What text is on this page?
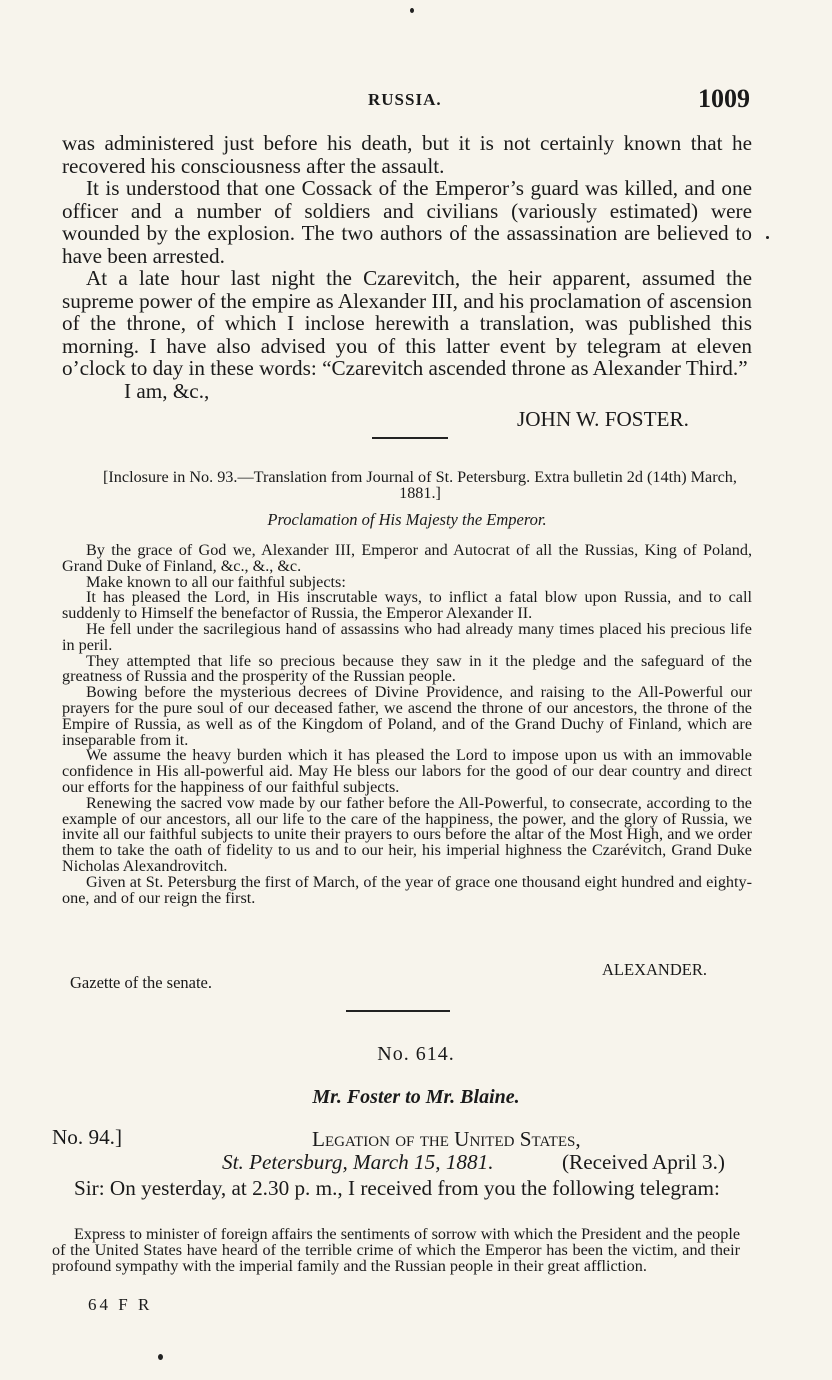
RUSSIA.	1009

was administered just before his death, but it is not certainly known that he recovered his consciousness after the assault.

It is understood that one Cossack of the Emperor’s guard was killed, and one officer and a number of soldiers and civilians (variously estimated) were wounded by the explosion. The two authors of the assassination are believed to have been arrested.

At a late hour last night the Czarevitch, the heir apparent, assumed the supreme power of the empire as Alexander III, and his proclamation of ascension of the throne, of which I inclose herewith a translation, was published this morning. I have also advised you of this latter event by telegram at eleven o’clock to day in these words: “Czarevitch ascended throne as Alexander Third.”

I am, &c.,
JOHN W. FOSTER.
[Inclosure in No. 93.—Translation from Journal of St. Petersburg. Extra bulletin 2d (14th) March, 1881.]
Proclamation of His Majesty the Emperor.

By the grace of God we, Alexander III, Emperor and Autocrat of all the Russias, King of Poland, Grand Duke of Finland, &c., &., &c.

Make known to all our faithful subjects:

It has pleased the Lord, in His inscrutable ways, to inflict a fatal blow upon Russia, and to call suddenly to Himself the benefactor of Russia, the Emperor Alexander II.

He fell under the sacrilegious hand of assassins who had already many times placed his precious life in peril.

They attempted that life so precious because they saw in it the pledge and the safeguard of the greatness of Russia and the prosperity of the Russian people.

Bowing before the mysterious decrees of Divine Providence, and raising to the All-Powerful our prayers for the pure soul of our deceased father, we ascend the throne of our ancestors, the throne of the Empire of Russia, as well as of the Kingdom of Poland, and of the Grand Duchy of Finland, which are inseparable from it.

We assume the heavy burden which it has pleased the Lord to impose upon us with an immovable confidence in His all-powerful aid. May He bless our labors for the good of our dear country and direct our efforts for the happiness of our faithful subjects.

Renewing the sacred vow made by our father before the All-Powerful, to consecrate, according to the example of our ancestors, all our life to the care of the happiness, the power, and the glory of Russia, we invite all our faithful subjects to unite their prayers to ours before the altar of the Most High, and we order them to take the oath of fidelity to us and to our heir, his imperial highness the Czarévitch, Grand Duke Nicholas Alexandrovitch.

Given at St. Petersburg the first of March, of the year of grace one thousand eight hundred and eighty-one, and of our reign the first.

ALEXANDER.
Gazette of the senate.
No. 614.
Mr. Foster to Mr. Blaine.
No. 94.]	Legation of the United States,
St. Petersburg, March 15, 1881.	(Received April 3.)
Sir: On yesterday, at 2.30 p. m., I received from you the following telegram:
Express to minister of foreign affairs the sentiments of sorrow with which the President and the people of the United States have heard of the terrible crime of which the Emperor has been the victim, and their profound sympathy with the imperial family and the Russian people in their great affliction.
64 F R
